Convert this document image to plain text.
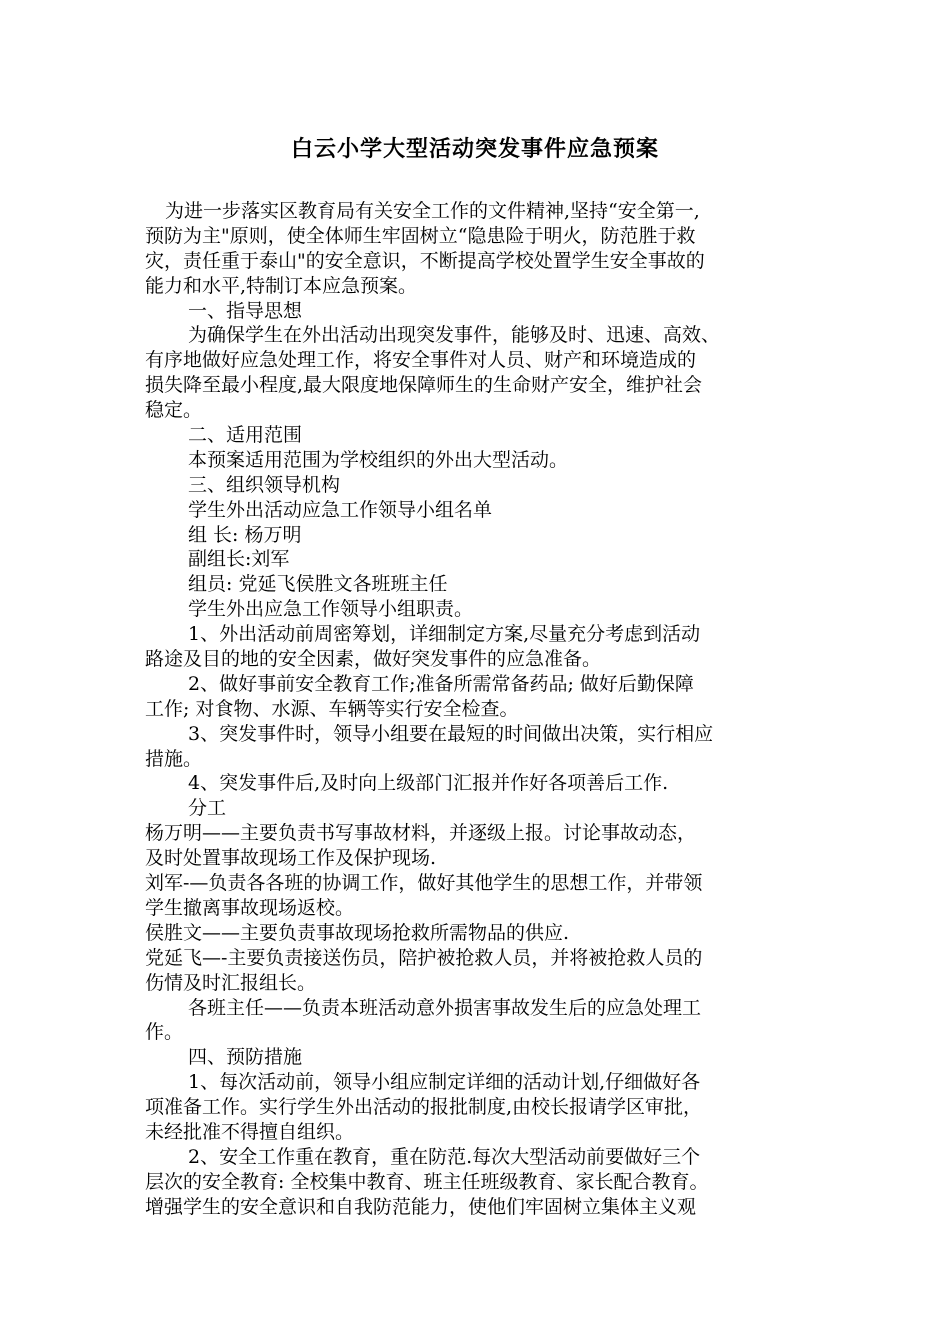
白云小学大型活动突发事件应急预案
为进一步落实区教育局有关安全工作的文件精神,坚持“安全第一,
预防为主"原则，使全体师生牢固树立“隐患险于明火，防范胜于救
灾，责任重于泰山"的安全意识，不断提高学校处置学生安全事故的
能力和水平,特制订本应急预案。
一、指导思想
为确保学生在外出活动出现突发事件，能够及时、迅速、高效、
有序地做好应急处理工作，将安全事件对人员、财产和环境造成的
损失降至最小程度,最大限度地保障师生的生命财产安全，维护社会
稳定。
二、适用范围
本预案适用范围为学校组织的外出大型活动。
三、组织领导机构
学生外出活动应急工作领导小组名单
组 长: 杨万明
副组长:刘军
组员: 党延飞侯胜文各班班主任
学生外出应急工作领导小组职责。
1、外出活动前周密筹划，详细制定方案,尽量充分考虑到活动
路途及目的地的安全因素，做好突发事件的应急准备。
2、做好事前安全教育工作;准备所需常备药品; 做好后勤保障
工作; 对食物、水源、车辆等实行安全检查。
3、突发事件时，领导小组要在最短的时间做出决策，实行相应
措施。
4、突发事件后,及时向上级部门汇报并作好各项善后工作.
分工
杨万明——主要负责书写事故材料，并逐级上报。讨论事故动态，
及时处置事故现场工作及保护现场.
刘军-—负责各各班的协调工作，做好其他学生的思想工作，并带领
学生撤离事故现场返校。
侯胜文——主要负责事故现场抢救所需物品的供应.
党延飞—-主要负责接送伤员，陪护被抢救人员，并将被抢救人员的
伤情及时汇报组长。
各班主任——负责本班活动意外损害事故发生后的应急处理工
作。
四、预防措施
1、每次活动前，领导小组应制定详细的活动计划,仔细做好各
项准备工作。实行学生外出活动的报批制度,由校长报请学区审批，
未经批准不得擅自组织。
2、安全工作重在教育，重在防范.每次大型活动前要做好三个
层次的安全教育: 全校集中教育、班主任班级教育、家长配合教育。
增强学生的安全意识和自我防范能力，使他们牢固树立集体主义观
